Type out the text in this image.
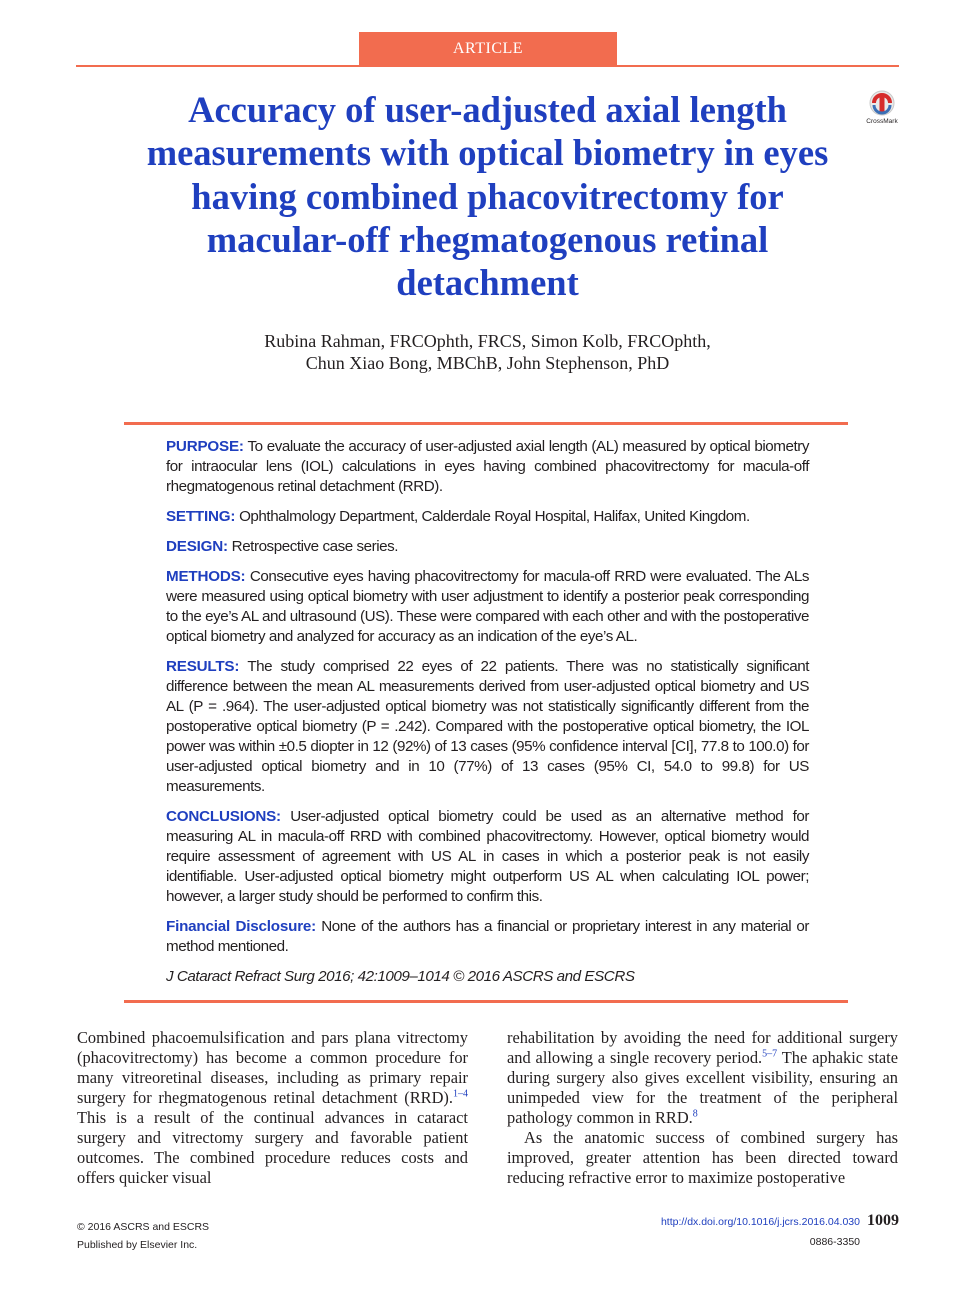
ARTICLE
CrossMark
Accuracy of user-adjusted axial length measurements with optical biometry in eyes having combined phacovitrectomy for macular-off rhegmatogenous retinal detachment
Rubina Rahman, FRCOphth, FRCS, Simon Kolb, FRCOphth,
Chun Xiao Bong, MBChB, John Stephenson, PhD

PURPOSE: To evaluate the accuracy of user-adjusted axial length (AL) measured by optical biometry for intraocular lens (IOL) calculations in eyes having combined phacovitrectomy for macula-off rhegmatogenous retinal detachment (RRD).

SETTING: Ophthalmology Department, Calderdale Royal Hospital, Halifax, United Kingdom.

DESIGN: Retrospective case series.

METHODS: Consecutive eyes having phacovitrectomy for macula-off RRD were evaluated. The ALs were measured using optical biometry with user adjustment to identify a posterior peak corresponding to the eye’s AL and ultrasound (US). These were compared with each other and with the postoperative optical biometry and analyzed for accuracy as an indication of the eye’s AL.

RESULTS: The study comprised 22 eyes of 22 patients. There was no statistically significant difference between the mean AL measurements derived from user-adjusted optical biometry and US AL (P = .964). The user-adjusted optical biometry was not statistically significantly different from the postoperative optical biometry (P = .242). Compared with the postoperative optical biometry, the IOL power was within ±0.5 diopter in 12 (92%) of 13 cases (95% confidence interval [CI], 77.8 to 100.0) for user-adjusted optical biometry and in 10 (77%) of 13 cases (95% CI, 54.0 to 99.8) for US measurements.

CONCLUSIONS: User-adjusted optical biometry could be used as an alternative method for measuring AL in macula-off RRD with combined phacovitrectomy. However, optical biometry would require assessment of agreement with US AL in cases in which a posterior peak is not easily identifiable. User-adjusted optical biometry might outperform US AL when calculating IOL power; however, a larger study should be performed to confirm this.

Financial Disclosure: None of the authors has a financial or proprietary interest in any material or method mentioned.

J Cataract Refract Surg 2016; 42:1009–1014 © 2016 ASCRS and ESCRS

Combined phacoemulsification and pars plana vitrectomy (phacovitrectomy) has become a common procedure for many vitreoretinal diseases, including as primary repair surgery for rhegmatogenous retinal detachment (RRD).$^{1-4}$ This is a result of the continual advances in cataract surgery and vitrectomy surgery and favorable patient outcomes. The combined procedure reduces costs and offers quicker visual

rehabilitation by avoiding the need for additional surgery and allowing a single recovery period.$^{5-7}$ The aphakic state during surgery also gives excellent visibility, ensuring an unimpeded view for the treatment of the peripheral pathology common in RRD.$^8$

As the anatomic success of combined surgery has improved, greater attention has been directed toward reducing refractive error to maximize postoperative

© 2016 ASCRS and ESCRS
Published by Elsevier Inc.
http://dx.doi.org/10.1016/j.jcrs.2016.04.030 1009
0886-3350
